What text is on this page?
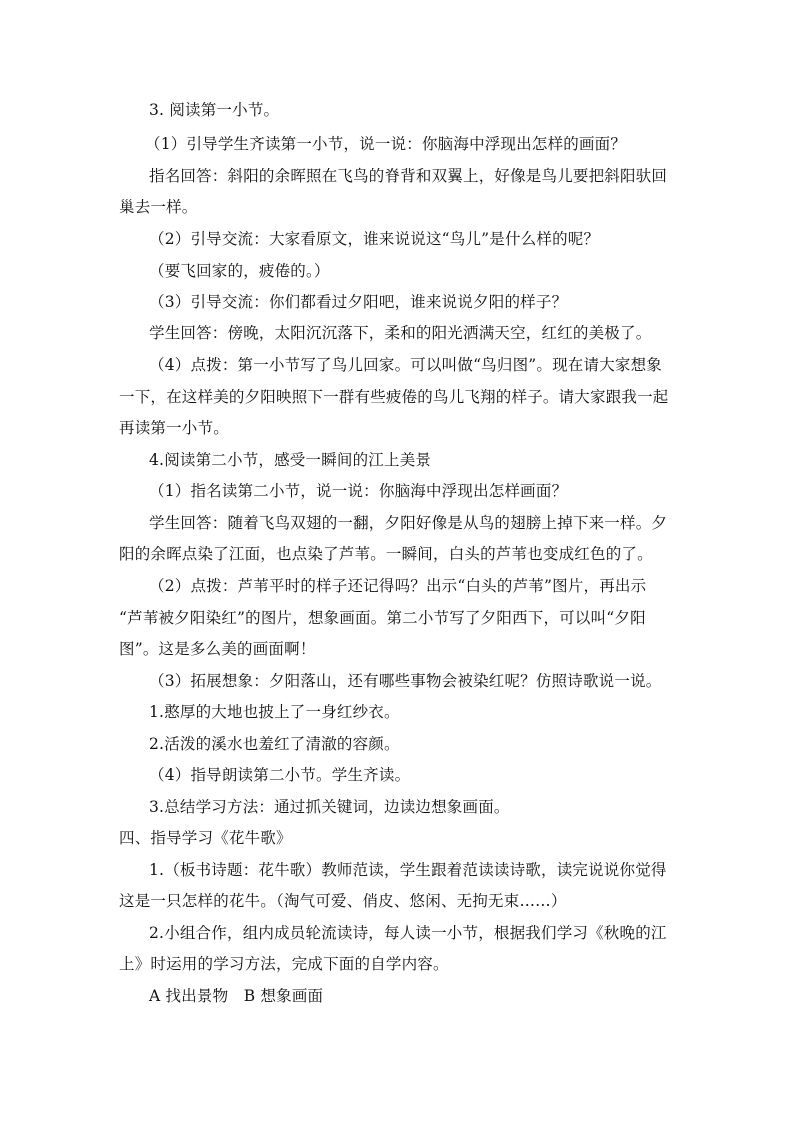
3. 阅读第一小节。
（1）引导学生齐读第一小节，说一说：你脑海中浮现出怎样的画面？
指名回答：斜阳的余晖照在飞鸟的脊背和双翼上，好像是鸟儿要把斜阳驮回
巢去一样。
（2）引导交流：大家看原文，谁来说说这“鸟儿”是什么样的呢？
（要飞回家的，疲倦的。）
（3）引导交流：你们都看过夕阳吧，谁来说说夕阳的样子？
学生回答：傍晚，太阳沉沉落下，柔和的阳光洒满天空，红红的美极了。
（4）点拨：第一小节写了鸟儿回家。可以叫做“鸟归图”。现在请大家想象
一下，在这样美的夕阳映照下一群有些疲倦的鸟儿飞翔的样子。请大家跟我一起
再读第一小节。
4.阅读第二小节，感受一瞬间的江上美景
（1）指名读第二小节，说一说：你脑海中浮现出怎样画面？
学生回答：随着飞鸟双翅的一翻，夕阳好像是从鸟的翅膀上掉下来一样。夕
阳的余晖点染了江面，也点染了芦苇。一瞬间，白头的芦苇也变成红色的了。
（2）点拨：芦苇平时的样子还记得吗？出示“白头的芦苇”图片，再出示
“芦苇被夕阳染红”的图片，想象画面。第二小节写了夕阳西下，可以叫“夕阳
图”。这是多么美的画面啊！
（3）拓展想象：夕阳落山，还有哪些事物会被染红呢？仿照诗歌说一说。
1.憨厚的大地也披上了一身红纱衣。
2.活泼的溪水也羞红了清澈的容颜。
（4）指导朗读第二小节。学生齐读。
3.总结学习方法：通过抓关键词，边读边想象画面。
四、指导学习《花牛歌》
1.（板书诗题：花牛歌）教师范读，学生跟着范读读诗歌，读完说说你觉得
这是一只怎样的花牛。（淘气可爱、俏皮、悠闲、无拘无束……）
2.小组合作，组内成员轮流读诗，每人读一小节，根据我们学习《秋晚的江
上》时运用的学习方法，完成下面的自学内容。
A 找出景物   B 想象画面
